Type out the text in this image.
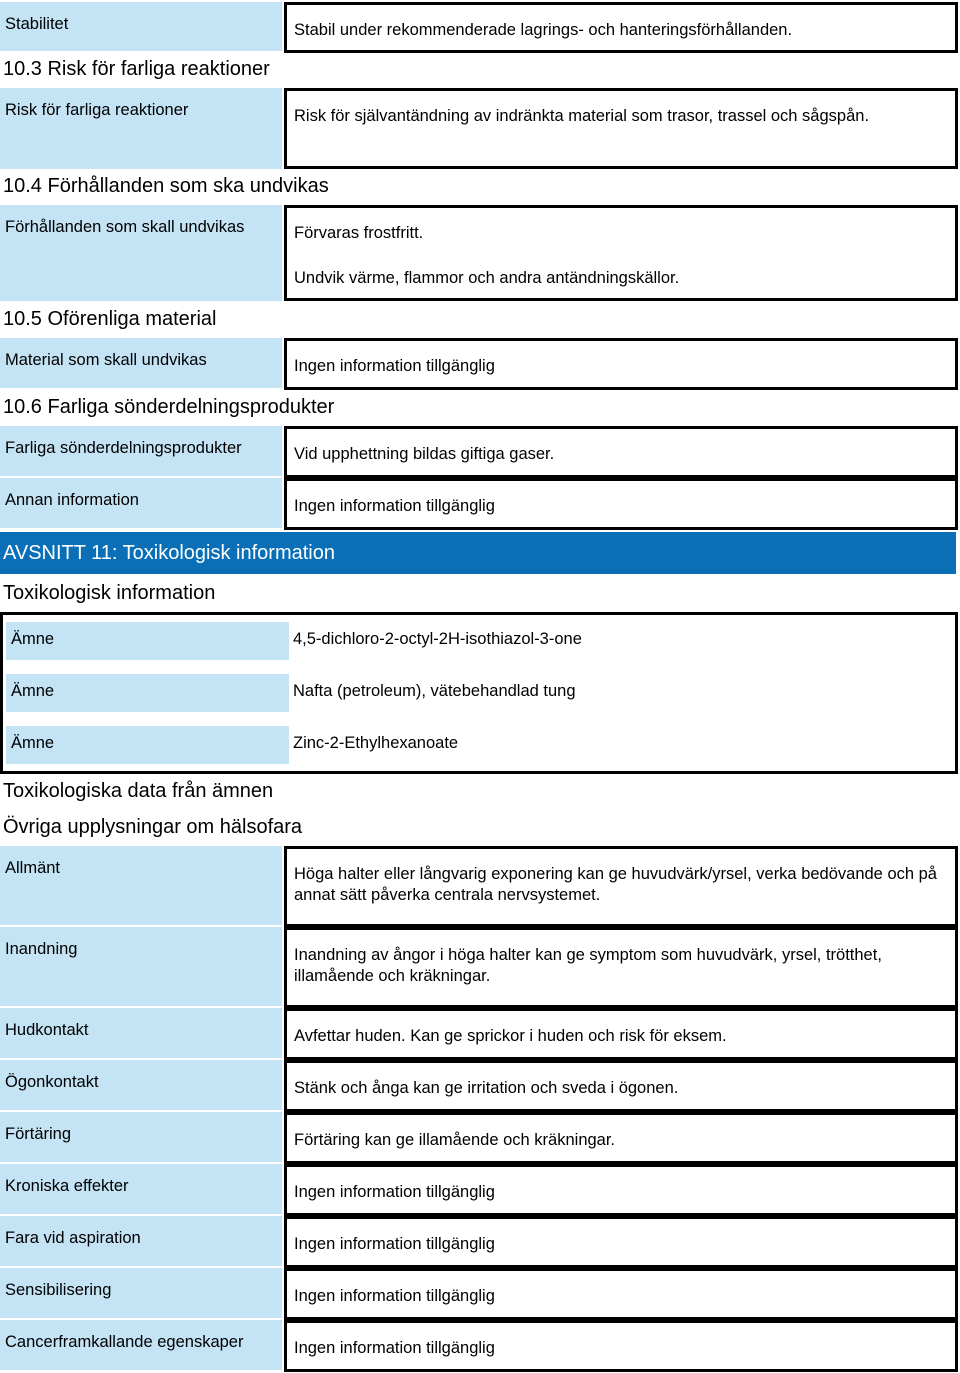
Stabilitet	Stabil under rekommenderade lagrings- och hanteringsförhållanden.
10.3 Risk för farliga reaktioner
Risk för farliga reaktioner	Risk för självantändning av indränkta material som trasor, trassel och sågspån.
10.4 Förhållanden som ska undvikas
Förhållanden som skall undvikas	Förvaras frostfritt.

Undvik värme, flammor och andra antändningskällor.

10.5 Oförenliga material
Material som skall undvikas	Ingen information tillgänglig
10.6 Farliga sönderdelningsprodukter
Farliga sönderdelningsprodukter	Vid upphettning bildas giftiga gaser.
Annan information	Ingen information tillgänglig
AVSNITT 11: Toxikologisk information
Toxikologisk information
Ämne	4,5-dichloro-2-octyl-2H-isothiazol-3-one
Ämne	Nafta (petroleum), vätebehandlad tung
Ämne	Zinc-2-Ethylhexanoate
Toxikologiska data från ämnen
Övriga upplysningar om hälsofara
Allmänt	Höga halter eller långvarig exponering kan ge huvudvärk/yrsel, verka bedövande och på annat sätt påverka centrala nervsystemet.
Inandning	Inandning av ångor i höga halter kan ge symptom som huvudvärk, yrsel, trötthet, illamående och kräkningar.
Hudkontakt	Avfettar huden. Kan ge sprickor i huden och risk för eksem.
Ögonkontakt	Stänk och ånga kan ge irritation och sveda i ögonen.
Förtäring	Förtäring kan ge illamående och kräkningar.
Kroniska effekter	Ingen information tillgänglig
Fara vid aspiration	Ingen information tillgänglig
Sensibilisering	Ingen information tillgänglig
Cancerframkallande egenskaper	Ingen information tillgänglig
